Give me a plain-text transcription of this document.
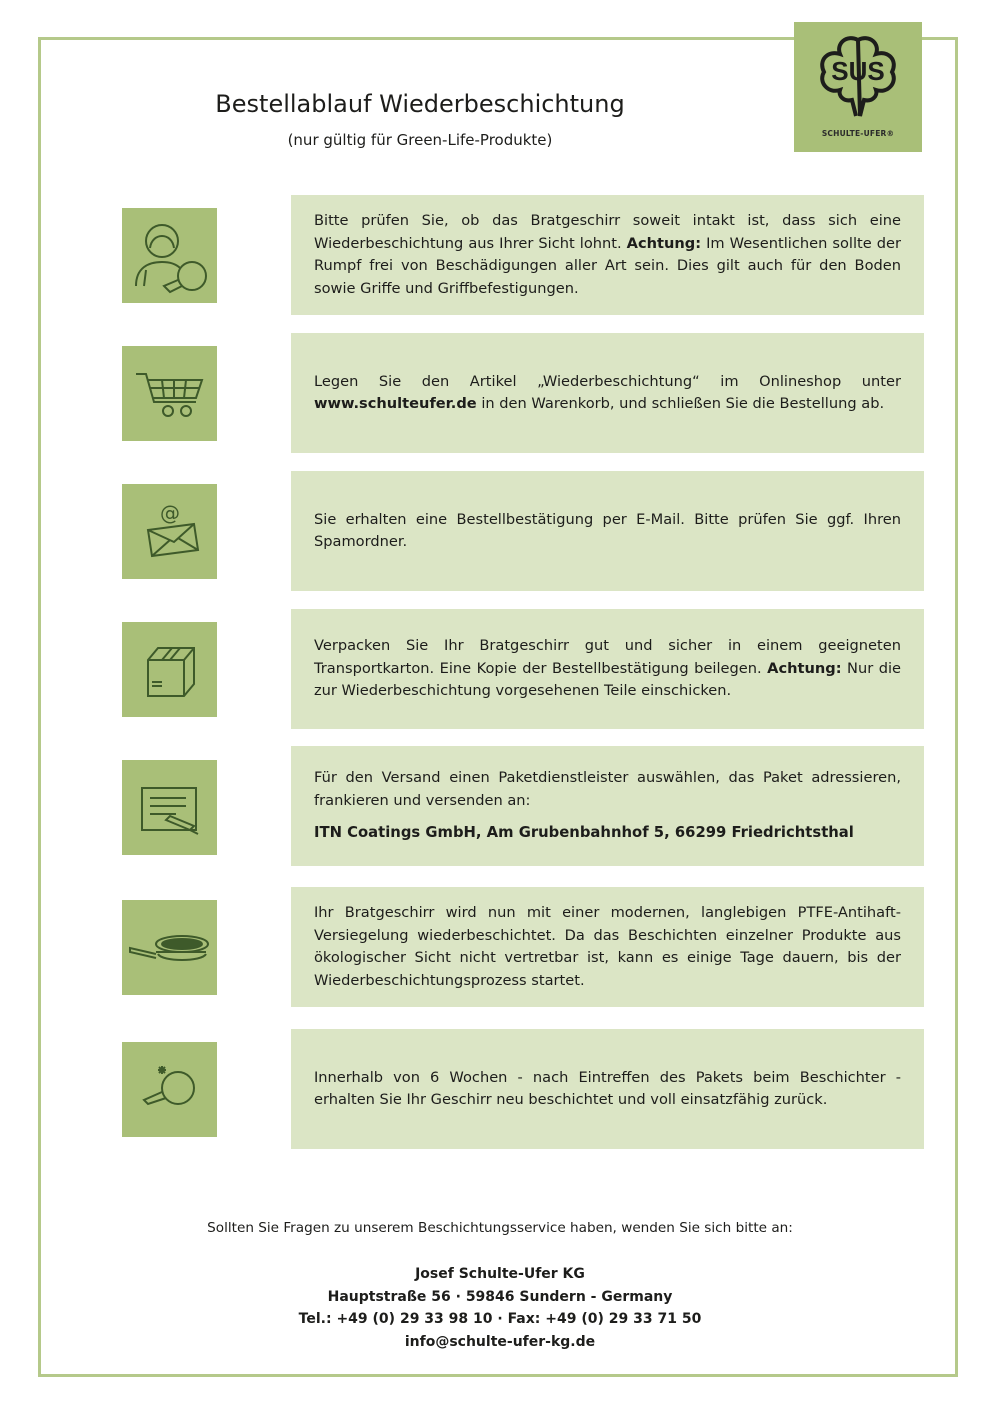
SUS
SCHULTE-UFER®
Bestellablauf Wiederbeschichtung
(nur gültig für Green-Life-Produkte)

Bitte prüfen Sie, ob das Bratgeschirr soweit intakt ist, dass sich eine Wiederbeschichtung aus Ihrer Sicht lohnt. Achtung: Im Wesentlichen sollte der Rumpf frei von Beschädigungen aller Art sein. Dies gilt auch für den Boden sowie Griffe und Griffbefestigungen.

Legen Sie den Artikel „Wiederbeschichtung“ im Onlineshop unter www.schulteufer.de in den Warenkorb, und schließen Sie die Bestellung ab.

@	Sie erhalten eine Bestellbestätigung per E-Mail. Bitte prüfen Sie ggf. Ihren Spamordner.

Verpacken Sie Ihr Bratgeschirr gut und sicher in einem geeigneten Transportkarton. Eine Kopie der Bestellbestätigung beilegen. Achtung: Nur die zur Wiederbeschichtung vorgesehenen Teile einschicken.

Für den Versand einen Paketdienstleister auswählen, das Paket adressieren, frankieren und versenden an:

ITN Coatings GmbH, Am Grubenbahnhof 5, 66299 Friedrichtsthal

Ihr Bratgeschirr wird nun mit einer modernen, langlebigen PTFE-Antihaft-Versiegelung wiederbeschichtet. Da das Beschichten einzelner Produkte aus ökologischer Sicht nicht vertretbar ist, kann es einige Tage dauern, bis der Wiederbeschichtungsprozess startet.

Innerhalb von 6 Wochen - nach Eintreffen des Pakets beim Beschichter - erhalten Sie Ihr Geschirr neu beschichtet und voll einsatzfähig zurück.

Sollten Sie Fragen zu unserem Beschichtungsservice haben, wenden Sie sich bitte an:
Josef Schulte-Ufer KG
Hauptstraße 56 · 59846 Sundern - Germany
Tel.: +49 (0) 29 33 98 10 · Fax: +49 (0) 29 33 71 50
info@schulte-ufer-kg.de
